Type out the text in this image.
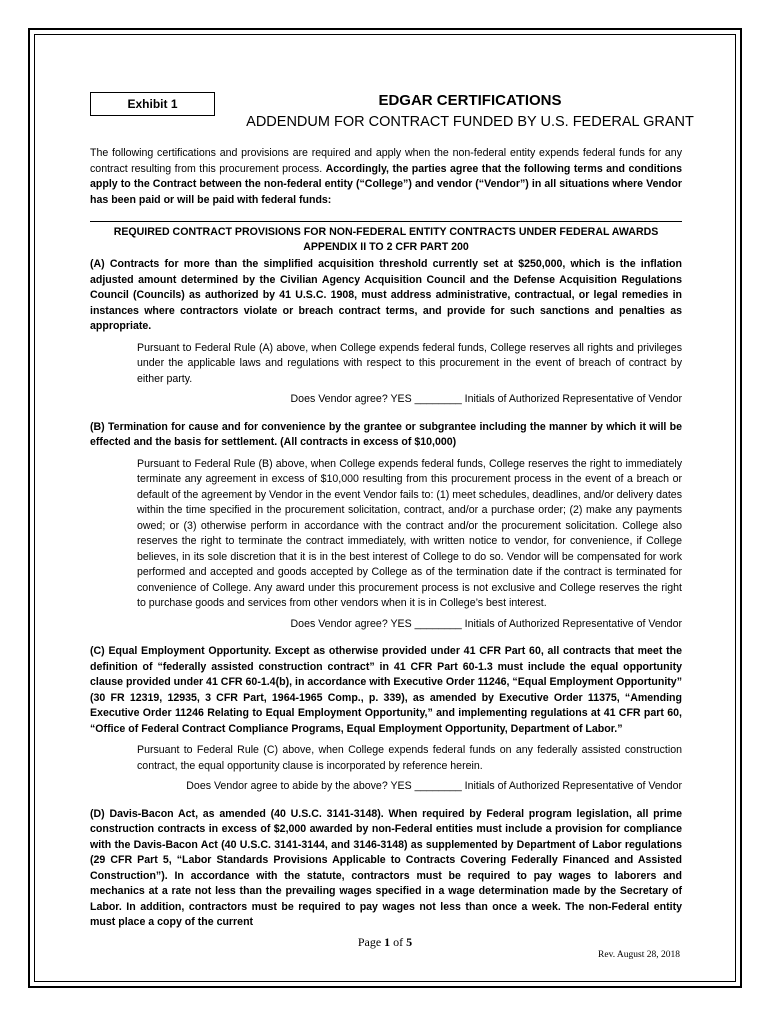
Exhibit 1	EDGAR CERTIFICATIONS
ADDENDUM FOR CONTRACT FUNDED BY U.S. FEDERAL GRANT

The following certifications and provisions are required and apply when the non-federal entity expends federal funds for any contract resulting from this procurement process. Accordingly, the parties agree that the following terms and conditions apply to the Contract between the non-federal entity (“College”) and vendor (“Vendor”) in all situations where Vendor has been paid or will be paid with federal funds:

REQUIRED CONTRACT PROVISIONS FOR NON-FEDERAL ENTITY CONTRACTS UNDER FEDERAL AWARDS
APPENDIX II TO 2 CFR PART 200

(A) Contracts for more than the simplified acquisition threshold currently set at $250,000, which is the inflation adjusted amount determined by the Civilian Agency Acquisition Council and the Defense Acquisition Regulations Council (Councils) as authorized by 41 U.S.C. 1908, must address administrative, contractual, or legal remedies in instances where contractors violate or breach contract terms, and provide for such sanctions and penalties as appropriate.

Pursuant to Federal Rule (A) above, when College expends federal funds, College reserves all rights and privileges under the applicable laws and regulations with respect to this procurement in the event of breach of contract by either party.

Does Vendor agree? YES ________ Initials of Authorized Representative of Vendor

(B) Termination for cause and for convenience by the grantee or subgrantee including the manner by which it will be effected and the basis for settlement. (All contracts in excess of $10,000)

Pursuant to Federal Rule (B) above, when College expends federal funds, College reserves the right to immediately terminate any agreement in excess of $10,000 resulting from this procurement process in the event of a breach or default of the agreement by Vendor in the event Vendor fails to: (1) meet schedules, deadlines, and/or delivery dates within the time specified in the procurement solicitation, contract, and/or a purchase order; (2) make any payments owed; or (3) otherwise perform in accordance with the contract and/or the procurement solicitation. College also reserves the right to terminate the contract immediately, with written notice to vendor, for convenience, if College believes, in its sole discretion that it is in the best interest of College to do so. Vendor will be compensated for work performed and accepted and goods accepted by College as of the termination date if the contract is terminated for convenience of College. Any award under this procurement process is not exclusive and College reserves the right to purchase goods and services from other vendors when it is in College’s best interest.

Does Vendor agree? YES ________ Initials of Authorized Representative of Vendor

(C) Equal Employment Opportunity. Except as otherwise provided under 41 CFR Part 60, all contracts that meet the definition of “federally assisted construction contract” in 41 CFR Part 60-1.3 must include the equal opportunity clause provided under 41 CFR 60-1.4(b), in accordance with Executive Order 11246, “Equal Employment Opportunity” (30 FR 12319, 12935, 3 CFR Part, 1964-1965 Comp., p. 339), as amended by Executive Order 11375, “Amending Executive Order 11246 Relating to Equal Employment Opportunity,” and implementing regulations at 41 CFR part 60, “Office of Federal Contract Compliance Programs, Equal Employment Opportunity, Department of Labor.”

Pursuant to Federal Rule (C) above, when College expends federal funds on any federally assisted construction contract, the equal opportunity clause is incorporated by reference herein.

Does Vendor agree to abide by the above? YES ________ Initials of Authorized Representative of Vendor

(D) Davis-Bacon Act, as amended (40 U.S.C. 3141-3148). When required by Federal program legislation, all prime construction contracts in excess of $2,000 awarded by non-Federal entities must include a provision for compliance with the Davis-Bacon Act (40 U.S.C. 3141-3144, and 3146-3148) as supplemented by Department of Labor regulations (29 CFR Part 5, “Labor Standards Provisions Applicable to Contracts Covering Federally Financed and Assisted Construction”). In accordance with the statute, contractors must be required to pay wages to laborers and mechanics at a rate not less than the prevailing wages specified in a wage determination made by the Secretary of Labor. In addition, contractors must be required to pay wages not less than once a week. The non-Federal entity must place a copy of the current

Page 1 of 5
Rev. August 28, 2018
